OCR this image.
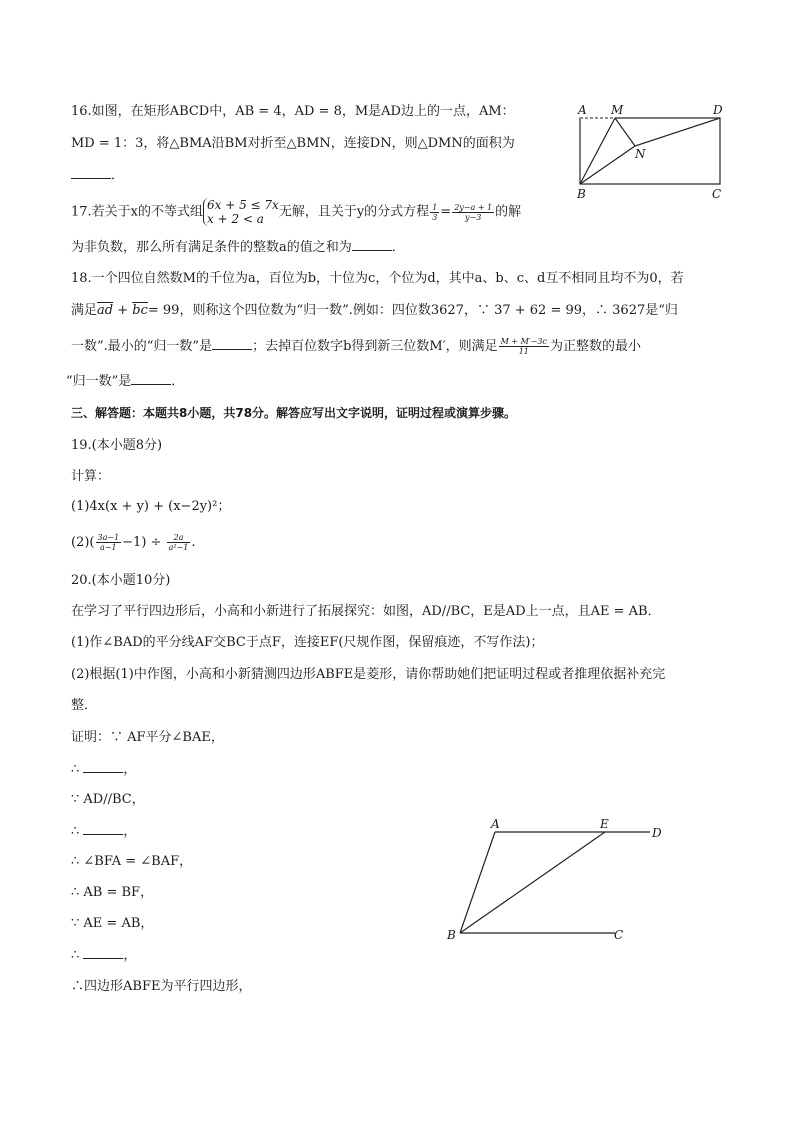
16.如图，在矩形ABCD中，AB = 4，AD = 8，M是AD边上的一点，AM：
MD = 1：3，将△BMA沿BM对折至△BMN，连接DN，则△DMN的面积为
．
A M	D
N
B	C
17.若关于x的不等式组 6x + 5 ≤ 7x
x + 2 < a 无解，且关于y的分式方程 $\frac{1}{3} = \frac{2y-a + 1}{y-3}$ 的解
为非负数，那么所有满足条件的整数a的值之和为	．
18.一个四位自然数M的千位为a，百位为b，十位为c，个位为d，其中a、b、c、d互不相同且均不为0，若
满足$\overline{ad} + \overline{bc}= 99$，则称这个四位数为“归一数”.例如：四位数3627，∵ 37 + 62 = 99，∴ 3627是“归
一数”.最小的“归一数”是	；去掉百位数字b得到新三位数M′，则满足 $\frac{M + M'-3c}{11}$ 为正整数的最小
“归一数”是	．
三、解答题：本题共8小题，共78分。解答应写出文字说明，证明过程或演算步骤。
19.(本小题8分)
计算：
(1)4x(x + y) + (x−2y)²；
$(2)( \frac{3a-1}{a-1} -1) \div \frac{2a}{\text{a²−1}}$ .
20.(本小题10分)
在学习了平行四边形后，小高和小新进行了拓展探究：如图，AD//BC，E是AD上一点，且AE = AB．
(1)作∠BAD的平分线AF交BC于点F，连接EF(尺规作图，保留痕迹，不写作法)；
(2)根据(1)中作图，小高和小新猜测四边形ABFE是菱形，请你帮助她们把证明过程或者推理依据补充完
整．
证明：∵ AF平分∠BAE，
∴	，
∵ AD//BC，
∴	，
∴ ∠BFA = ∠BAF，
∴ AB = BF，
∵ AE = AB，
∴	，
∴四边形ABFE为平行四边形，
A	E
D
B	C
